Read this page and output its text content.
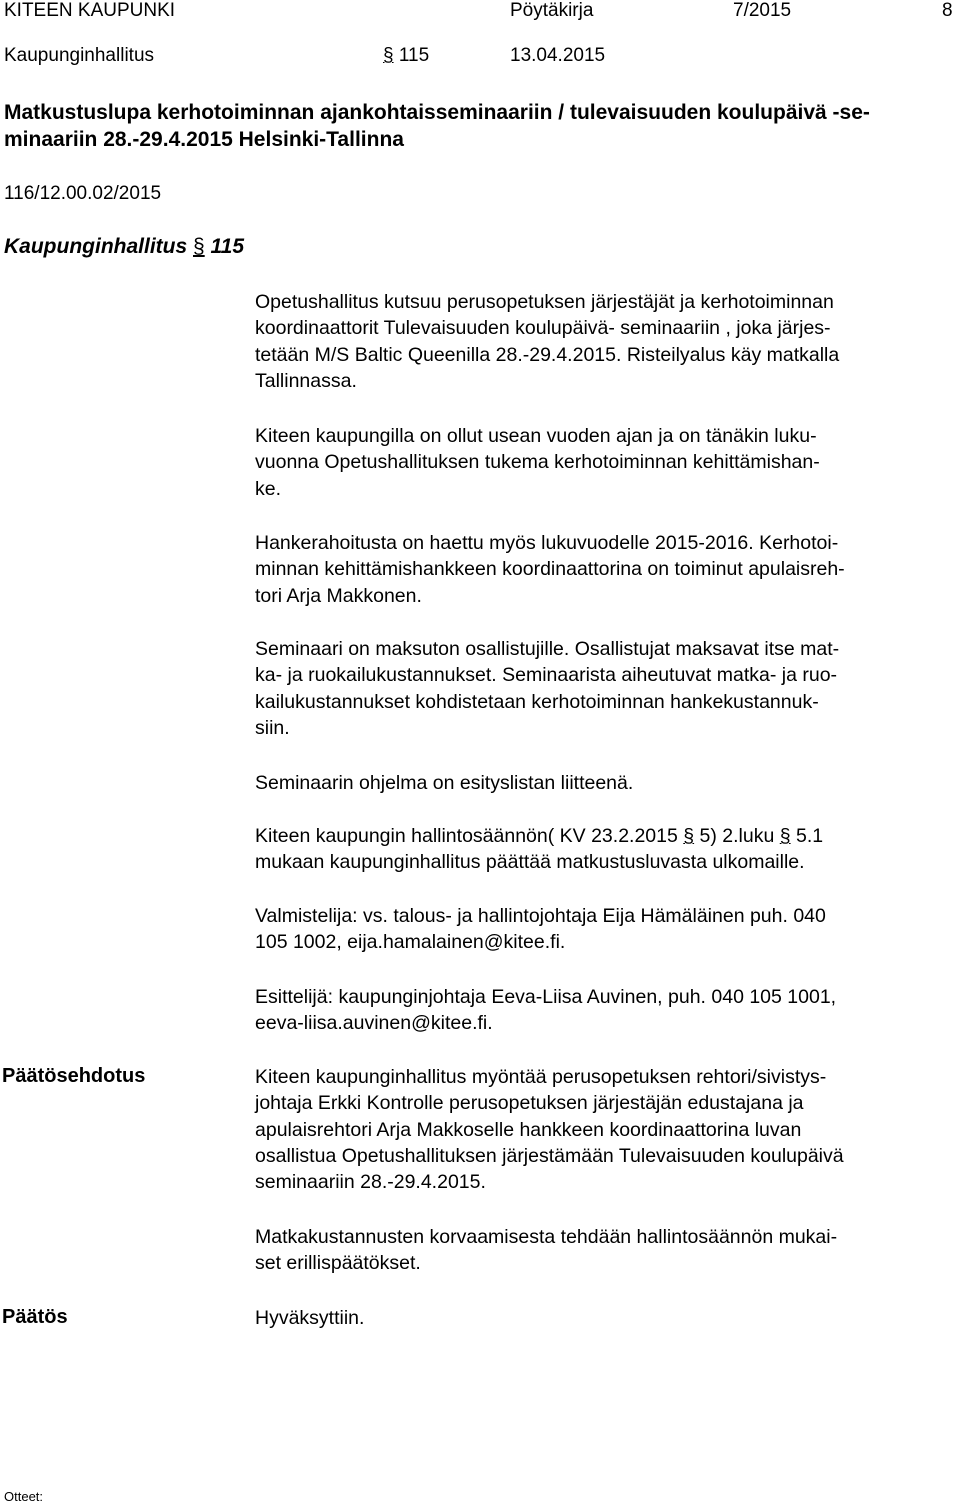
KITEEN KAUPUNKI	Pöytäkirja	7/2015	8
Kaupunginhallitus	§ 115	13.04.2015
Matkustuslupa kerhotoiminnan ajankohtaisseminaariin / tulevaisuuden koulupäivä -se-
minaariin 28.-29.4.2015 Helsinki-Tallinna
116/12.00.02/2015
Kaupunginhallitus § 115
Opetushallitus kutsuu perusopetuksen järjestäjät ja kerhotoiminnan
koordinaattorit Tulevaisuuden koulupäivä- seminaariin , joka järjes-
tetään M/S Baltic Queenilla 28.-29.4.2015. Risteilyalus käy matkalla
Tallinnassa.
Kiteen kaupungilla on ollut usean vuoden ajan ja on tänäkin luku-
vuonna Opetushallituksen tukema kerhotoiminnan kehittämishan-
ke.
Hankerahoitusta on haettu myös lukuvuodelle 2015-2016. Kerhotoi-
minnan kehittämishankkeen koordinaattorina on toiminut apulaisreh-
tori Arja Makkonen.
Seminaari on maksuton osallistujille. Osallistujat maksavat itse mat-
ka- ja ruokailukustannukset. Seminaarista aiheutuvat matka- ja ruo-
kailukustannukset kohdistetaan kerhotoiminnan hankekustannuk-
siin.
Seminaarin ohjelma on esityslistan liitteenä.
Kiteen kaupungin hallintosäännön( KV 23.2.2015 § 5) 2.luku § 5.1
mukaan kaupunginhallitus päättää matkustusluvasta ulkomaille.
Valmistelija: vs. talous- ja hallintojohtaja Eija Hämäläinen puh. 040
105 1002, eija.hamalainen@kitee.fi.
Esittelijä: kaupunginjohtaja Eeva-Liisa Auvinen, puh. 040 105 1001,
eeva-liisa.auvinen@kitee.fi.
Päätösehdotus	Kiteen kaupunginhallitus myöntää perusopetuksen rehtori/sivistys-
johtaja Erkki Kontrolle perusopetuksen järjestäjän edustajana ja
apulaisrehtori Arja Makkoselle hankkeen koordinaattorina luvan
osallistua Opetushallituksen järjestämään Tulevaisuuden koulupäivä
seminaariin 28.-29.4.2015.
Matkakustannusten korvaamisesta tehdään hallintosäännön mukai-
set erillispäätökset.
Päätös	Hyväksyttiin.
Otteet:
